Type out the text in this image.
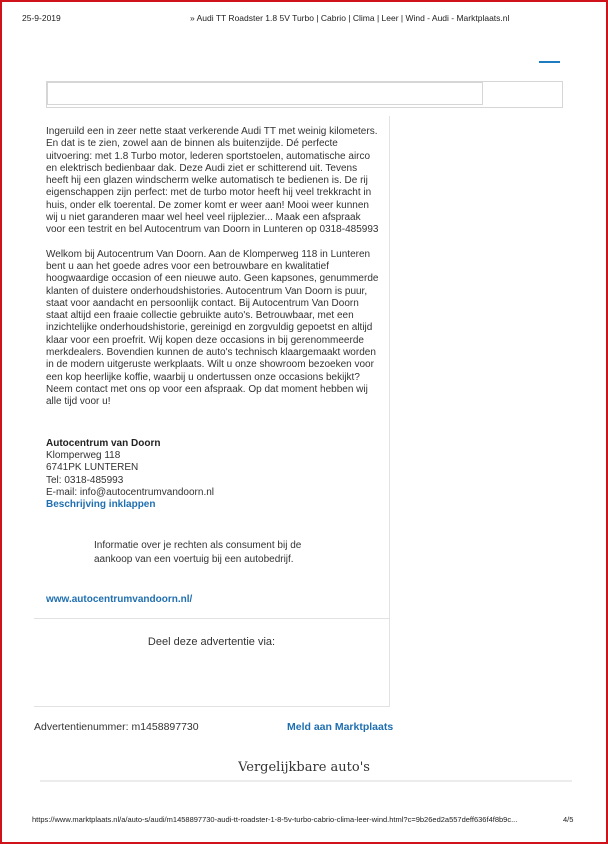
25-9-2019	» Audi TT Roadster 1.8 5V Turbo | Cabrio | Clima | Leer | Wind - Audi - Marktplaats.nl

Ingeruild een in zeer nette staat verkerende Audi TT met weinig kilometers. En dat is te zien, zowel aan de binnen als buitenzijde. Dé perfecte uitvoering: met 1.8 Turbo motor, lederen sportstoelen, automatische airco en elektrisch bedienbaar dak. Deze Audi ziet er schitterend uit. Tevens heeft hij een glazen windscherm welke automatisch te bedienen is. De rij eigenschappen zijn perfect: met de turbo motor heeft hij veel trekkracht in huis, onder elk toerental. De zomer komt er weer aan! Mooi weer kunnen wij u niet garanderen maar wel heel veel rijplezier... Maak een afspraak voor een testrit en bel Autocentrum van Doorn in Lunteren op 0318-485993

Welkom bij Autocentrum Van Doorn. Aan de Klomperweg 118 in Lunteren bent u aan het goede adres voor een betrouwbare en kwalitatief hoogwaardige occasion of een nieuwe auto. Geen kapsones, genummerde klanten of duistere onderhoudshistories. Autocentrum Van Doorn is puur, staat voor aandacht en persoonlijk contact. Bij Autocentrum Van Doorn staat altijd een fraaie collectie gebruikte auto's. Betrouwbaar, met een inzichtelijke onderhoudshistorie, gereinigd en zorgvuldig gepoetst en altijd klaar voor een proefrit. Wij kopen deze occasions in bij gerenommeerde merkdealers. Bovendien kunnen de auto's technisch klaargemaakt worden in de modern uitgeruste werkplaats. Wilt u onze showroom bezoeken voor een kop heerlijke koffie, waarbij u ondertussen onze occasions bekijkt? Neem contact met ons op voor een afspraak. Op dat moment hebben wij alle tijd voor u!

Autocentrum van Doorn
Klomperweg 118
6741PK LUNTEREN
Tel: 0318-485993
E-mail: info@autocentrumvandoorn.nl
Beschrijving inklappen
Informatie over je rechten als consument bij de aankoop van een voertuig bij een autobedrijf.
www.autocentrumvandoorn.nl/
Deel deze advertentie via:
Advertentienummer: m1458897730	Meld aan Marktplaats
Vergelijkbare auto's
https://www.marktplaats.nl/a/auto-s/audi/m1458897730-audi-tt-roadster-1-8-5v-turbo-cabrio-clima-leer-wind.html?c=9b26ed2a557deff636f4f8b9c...	4/5
